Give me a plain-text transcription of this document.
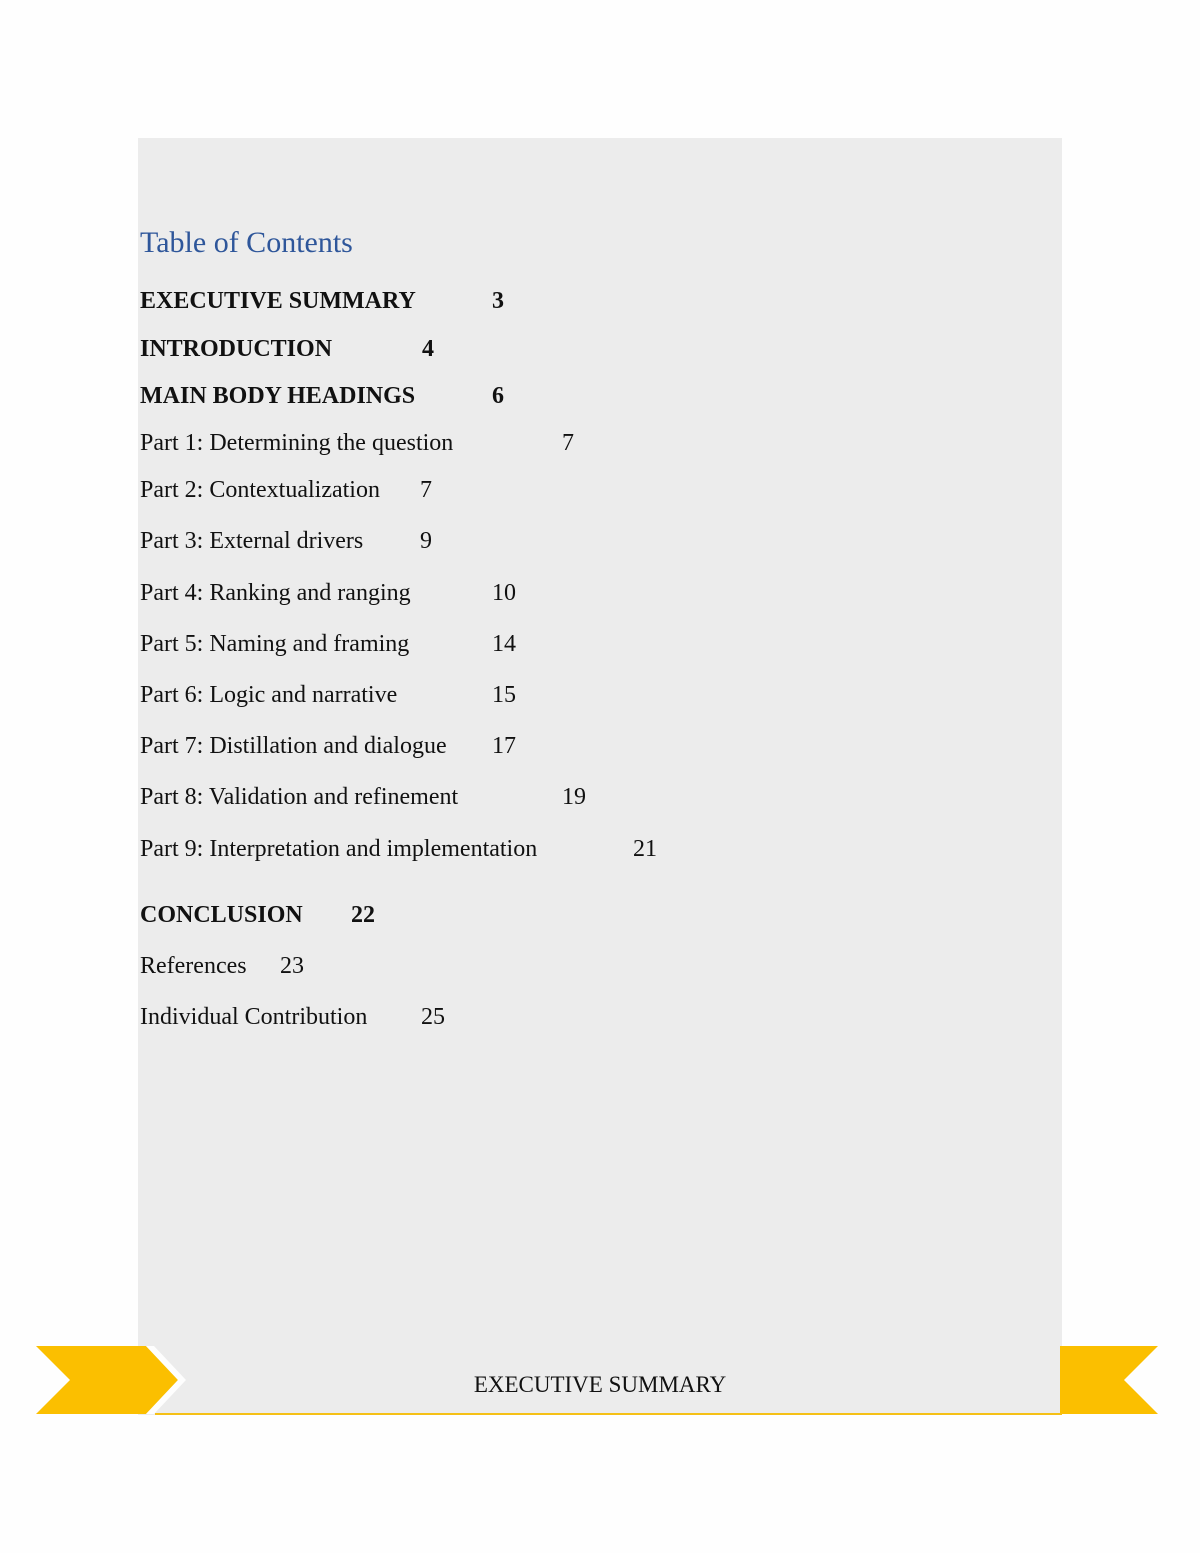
Table of Contents
EXECUTIVE SUMMARY	3
INTRODUCTION	4
MAIN BODY HEADINGS	6
Part 1: Determining the question	7
Part 2: Contextualization 7
Part 3: External drivers 9
Part 4: Ranking and ranging	10
Part 5: Naming and framing	14
Part 6: Logic and narrative	15
Part 7: Distillation and dialogue 17
Part 8: Validation and refinement	19
Part 9: Interpretation and implementation	21
CONCLUSION 22
References 23
Individual Contribution 25
EXECUTIVE SUMMARY
